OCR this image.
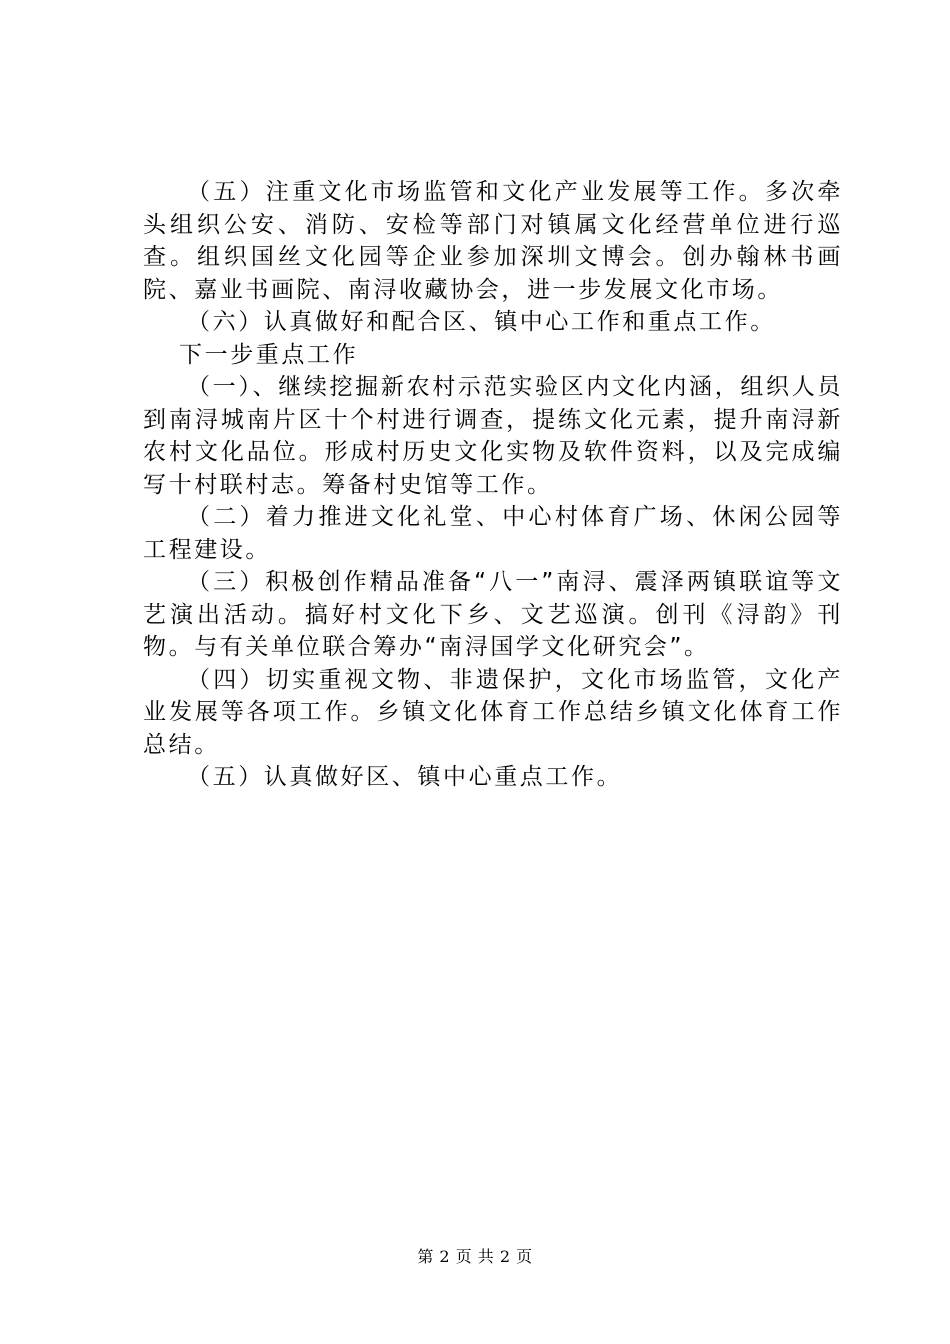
（五）注重文化市场监管和文化产业发展等工作。多次牵头组织公安、消防、安检等部门对镇属文化经营单位进行巡查。组织国丝文化园等企业参加深圳文博会。创办翰林书画院、嘉业书画院、南浔收藏协会，进一步发展文化市场。

（六）认真做好和配合区、镇中心工作和重点工作。

下一步重点工作

（一）、继续挖掘新农村示范实验区内文化内涵，组织人员到南浔城南片区十个村进行调查，提练文化元素，提升南浔新农村文化品位。形成村历史文化实物及软件资料，以及完成编写十村联村志。筹备村史馆等工作。

（二）着力推进文化礼堂、中心村体育广场、休闲公园等工程建设。

（三）积极创作精品准备“八一”南浔、震泽两镇联谊等文艺演出活动。搞好村文化下乡、文艺巡演。创刊《浔韵》刊物。与有关单位联合筹办“南浔国学文化研究会”。

（四）切实重视文物、非遗保护，文化市场监管，文化产业发展等各项工作。乡镇文化体育工作总结乡镇文化体育工作总结。

（五）认真做好区、镇中心重点工作。

第 2 页 共 2 页
